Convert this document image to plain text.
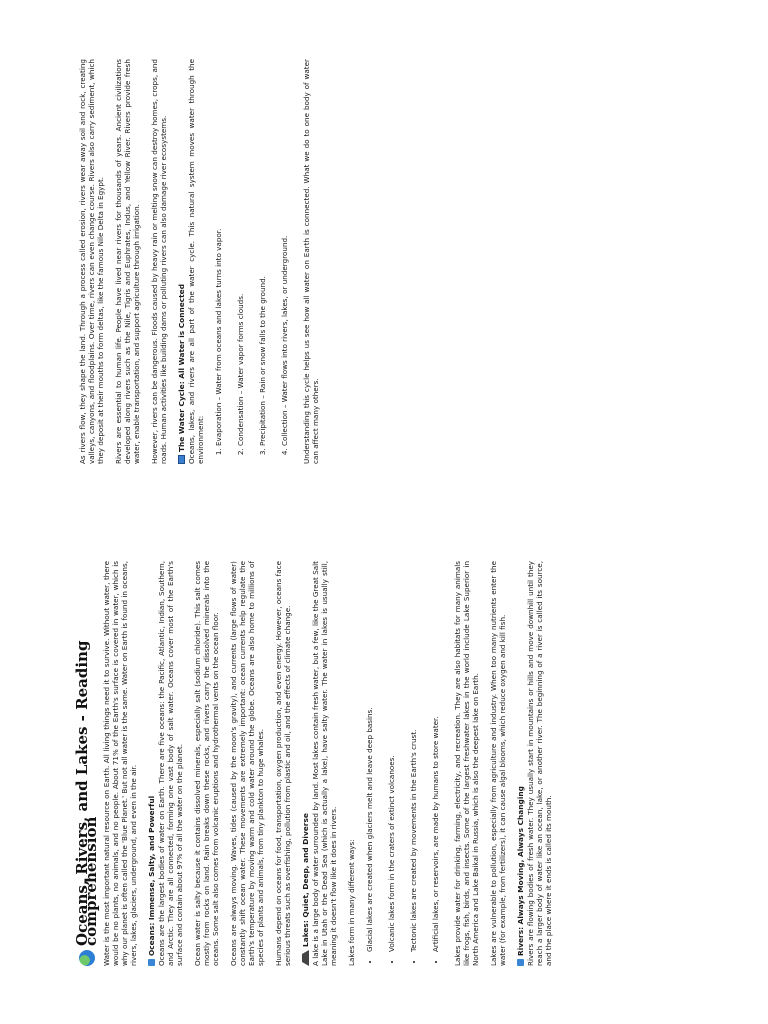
Oceans, Rivers, and Lakes - Reading comprehension Water is the most important natural resource on Earth. All living things need it to survive. Without water, there would be no plants, no animals, and no people. About 71% of the Earth's surface is covered in water, which is why our planet is often called the 'Blue Planet.' But not all water is the same. Water on Earth is found in oceans, rivers, lakes, glaciers, underground, and even in the air. Oceans: Immense, Salty, and Powerful Oceans are the largest bodies of water on Earth. There are five oceans: the Pacific, Atlantic, Indian, Southern, and Arctic. They are all connected, forming one vast body of salt water. Oceans cover most of the Earth's surface and contain about 97% of all the water on the planet. Ocean water is salty because it contains dissolved minerals, especially salt (sodium chloride). This salt comes mostly from rocks on land. Rain breaks down these rocks, and rivers carry the dissolved minerals into the oceans. Some salt also comes from volcanic eruptions and hydrothermal vents on the ocean floor. Oceans are always moving. Waves, tides (caused by the moon's gravity), and currents (large flows of water) constantly shift ocean water. These movements are extremely important: ocean currents help regulate the Earth's temperature by moving warm and cold water around the globe. Oceans are also home to millions of species of plants and animals, from tiny plankton to huge whales. Humans depend on oceans for food, transportation, oxygen production, and even energy. However, oceans face serious threats such as overfishing, pollution from plastic and oil, and the effects of climate change. Lakes: Quiet, Deep, and Diverse A lake is a large body of water surrounded by land. Most lakes contain fresh water, but a few, like the Great Salt Lake in Utah or the Dead Sea (which is actually a lake), have salty water. The water in lakes is usually still, meaning it doesn't flow like it does in rivers. Lakes form in many different ways: • Glacial lakes are created when glaciers melt and leave deep basins. • Volcanic lakes form in the craters of extinct volcanoes. • Tectonic lakes are created by movements in the Earth's crust. • Artificial lakes, or reservoirs, are made by humans to store water. Lakes provide water for drinking, farming, electricity, and recreation. They are also habitats for many animals like frogs, fish, birds, and insects. Some of the largest freshwater lakes in the world include Lake Superior in North America and Lake Baikal in Russia, which is also the deepest lake on Earth. Lakes are vulnerable to pollution, especially from agriculture and industry. When too many nutrients enter the water (for example, from fertilizers), it can cause algal blooms, which reduce oxygen and kill fish. Rivers: Always Moving, Always Changing Rivers are flowing bodies of fresh water. They usually start in mountains or hills and move downhill until they reach a larger body of water like an ocean, lake, or another river. The beginning of a river is called its source, and the place where it ends is called its mouth.

As rivers flow, they shape the land. Through a process called erosion, rivers wear away soil and rock, creating valleys, canyons, and floodplains. Over time, rivers can even change course. Rivers also carry sediment, which they deposit at their mouths to form deltas, like the famous Nile Delta in Egypt. Rivers are essential to human life. People have lived near rivers for thousands of years. Ancient civilizations developed along rivers such as the Nile, Tigris and Euphrates, Indus, and Yellow River. Rivers provide fresh water, enable transportation, and support agriculture through irrigation. However, rivers can be dangerous. Floods caused by heavy rain or melting snow can destroy homes, crops, and roads. Human activities like building dams or polluting rivers can also damage river ecosystems. The Water Cycle: All Water is Connected Oceans, lakes, and rivers are all part of the water cycle. This natural system moves water through the environment: 1. Evaporation – Water from oceans and lakes turns into vapor. 2. Condensation – Water vapor forms clouds. 3. Precipitation – Rain or snow falls to the ground. 4. Collection – Water flows into rivers, lakes, or underground. Understanding this cycle helps us see how all water on Earth is connected. What we do to one body of water can affect many others.
